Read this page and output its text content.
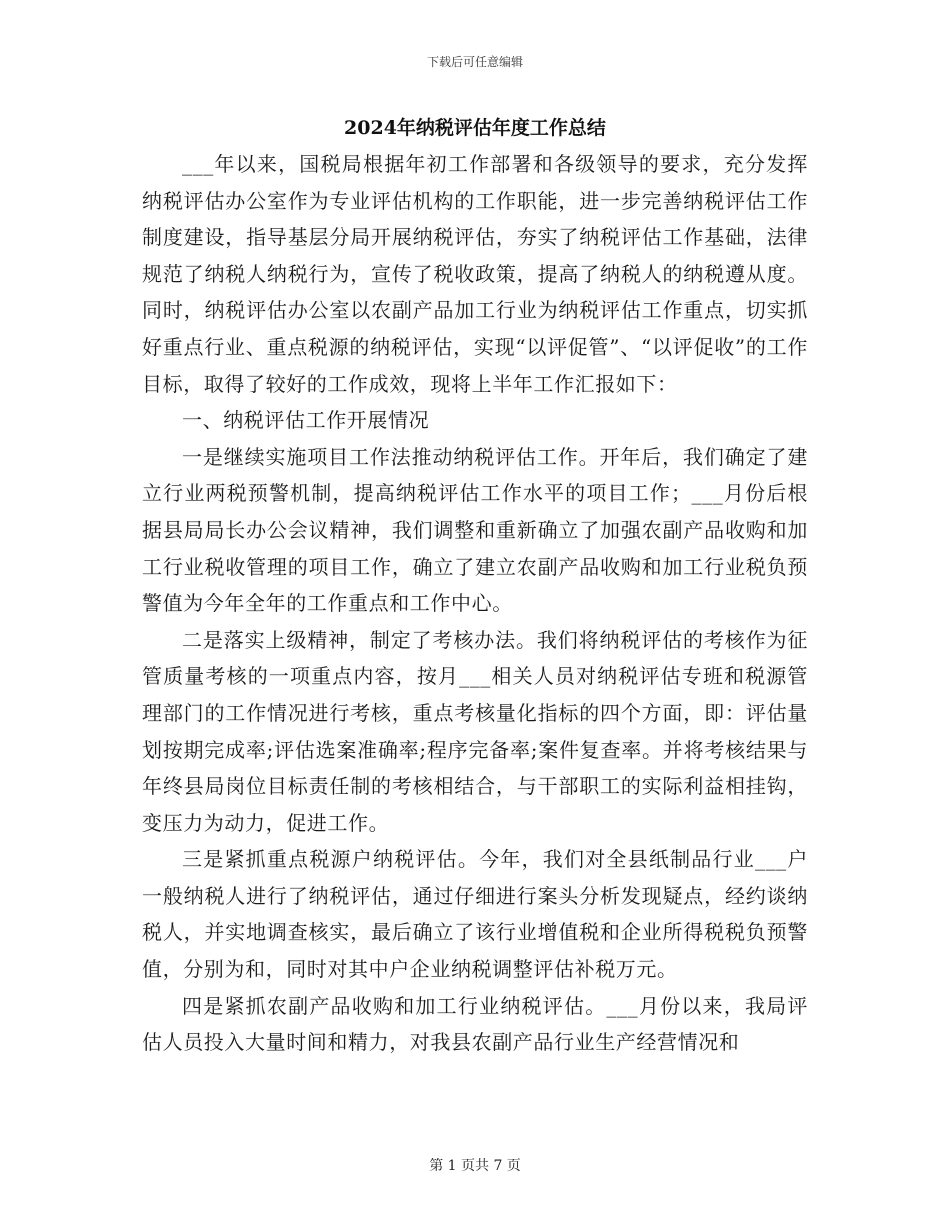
下载后可任意编辑
2024年纳税评估年度工作总结

___年以来，国税局根据年初工作部署和各级领导的要求，充分发挥纳税评估办公室作为专业评估机构的工作职能，进一步完善纳税评估工作制度建设，指导基层分局开展纳税评估，夯实了纳税评估工作基础，法律规范了纳税人纳税行为，宣传了税收政策，提高了纳税人的纳税遵从度。同时，纳税评估办公室以农副产品加工行业为纳税评估工作重点，切实抓好重点行业、重点税源的纳税评估，实现“以评促管”、“以评促收”的工作目标，取得了较好的工作成效，现将上半年工作汇报如下：

一、纳税评估工作开展情况

一是继续实施项目工作法推动纳税评估工作。开年后，我们确定了建立行业两税预警机制，提高纳税评估工作水平的项目工作；___月份后根据县局局长办公会议精神，我们调整和重新确立了加强农副产品收购和加工行业税收管理的项目工作，确立了建立农副产品收购和加工行业税负预警值为今年全年的工作重点和工作中心。

二是落实上级精神，制定了考核办法。我们将纳税评估的考核作为征管质量考核的一项重点内容，按月___相关人员对纳税评估专班和税源管理部门的工作情况进行考核，重点考核量化指标的四个方面，即：评估量划按期完成率;评估选案准确率;程序完备率;案件复查率。并将考核结果与年终县局岗位目标责任制的考核相结合，与干部职工的实际利益相挂钩，变压力为动力，促进工作。

三是紧抓重点税源户纳税评估。今年，我们对全县纸制品行业___户一般纳税人进行了纳税评估，通过仔细进行案头分析发现疑点，经约谈纳税人，并实地调查核实，最后确立了该行业增值税和企业所得税税负预警值，分别为和，同时对其中户企业纳税调整评估补税万元。

四是紧抓农副产品收购和加工行业纳税评估。___月份以来，我局评估人员投入大量时间和精力，对我县农副产品行业生产经营情况和

第 1 页共 7 页
